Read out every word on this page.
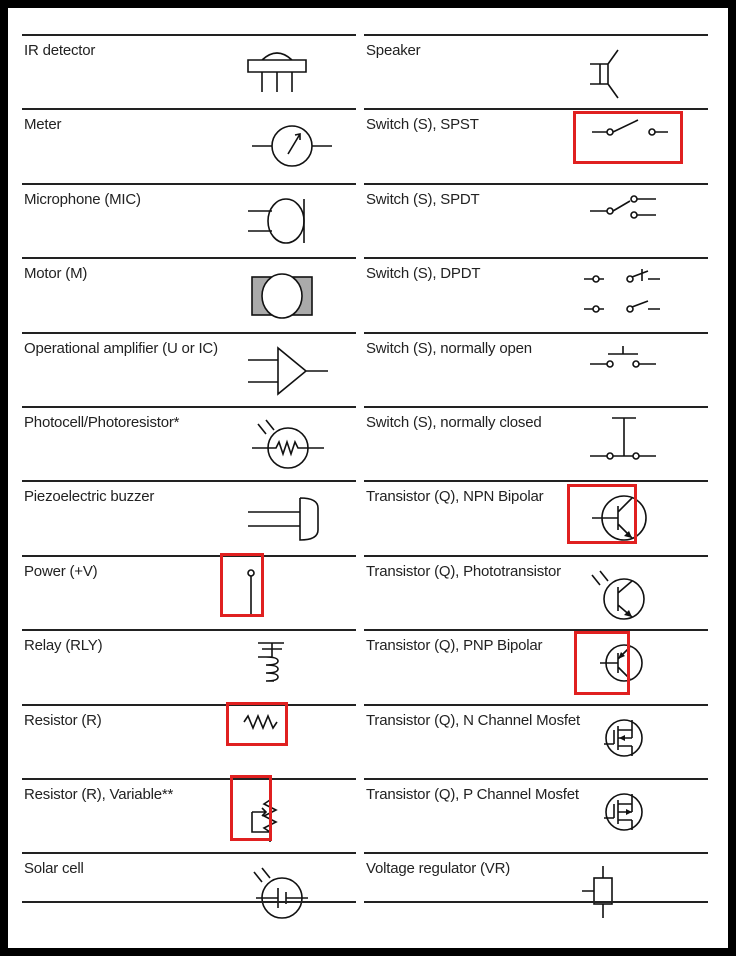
IR detector
Meter
Microphone (MIC)
Motor (M)
Operational amplifier (U or IC)
Photocell/Photoresistor*
Piezoelectric buzzer
Power (+V)
Relay (RLY)
Resistor (R)
Resistor (R), Variable**
Solar cell
Speaker
Switch (S), SPST
Switch (S), SPDT
Switch (S), DPDT
Switch (S), normally open
Switch (S), normally closed
Transistor (Q), NPN Bipolar
Transistor (Q), Phototransistor
Transistor (Q), PNP Bipolar
Transistor (Q), N Channel Mosfet
Transistor (Q), P Channel Mosfet
Voltage regulator (VR)
